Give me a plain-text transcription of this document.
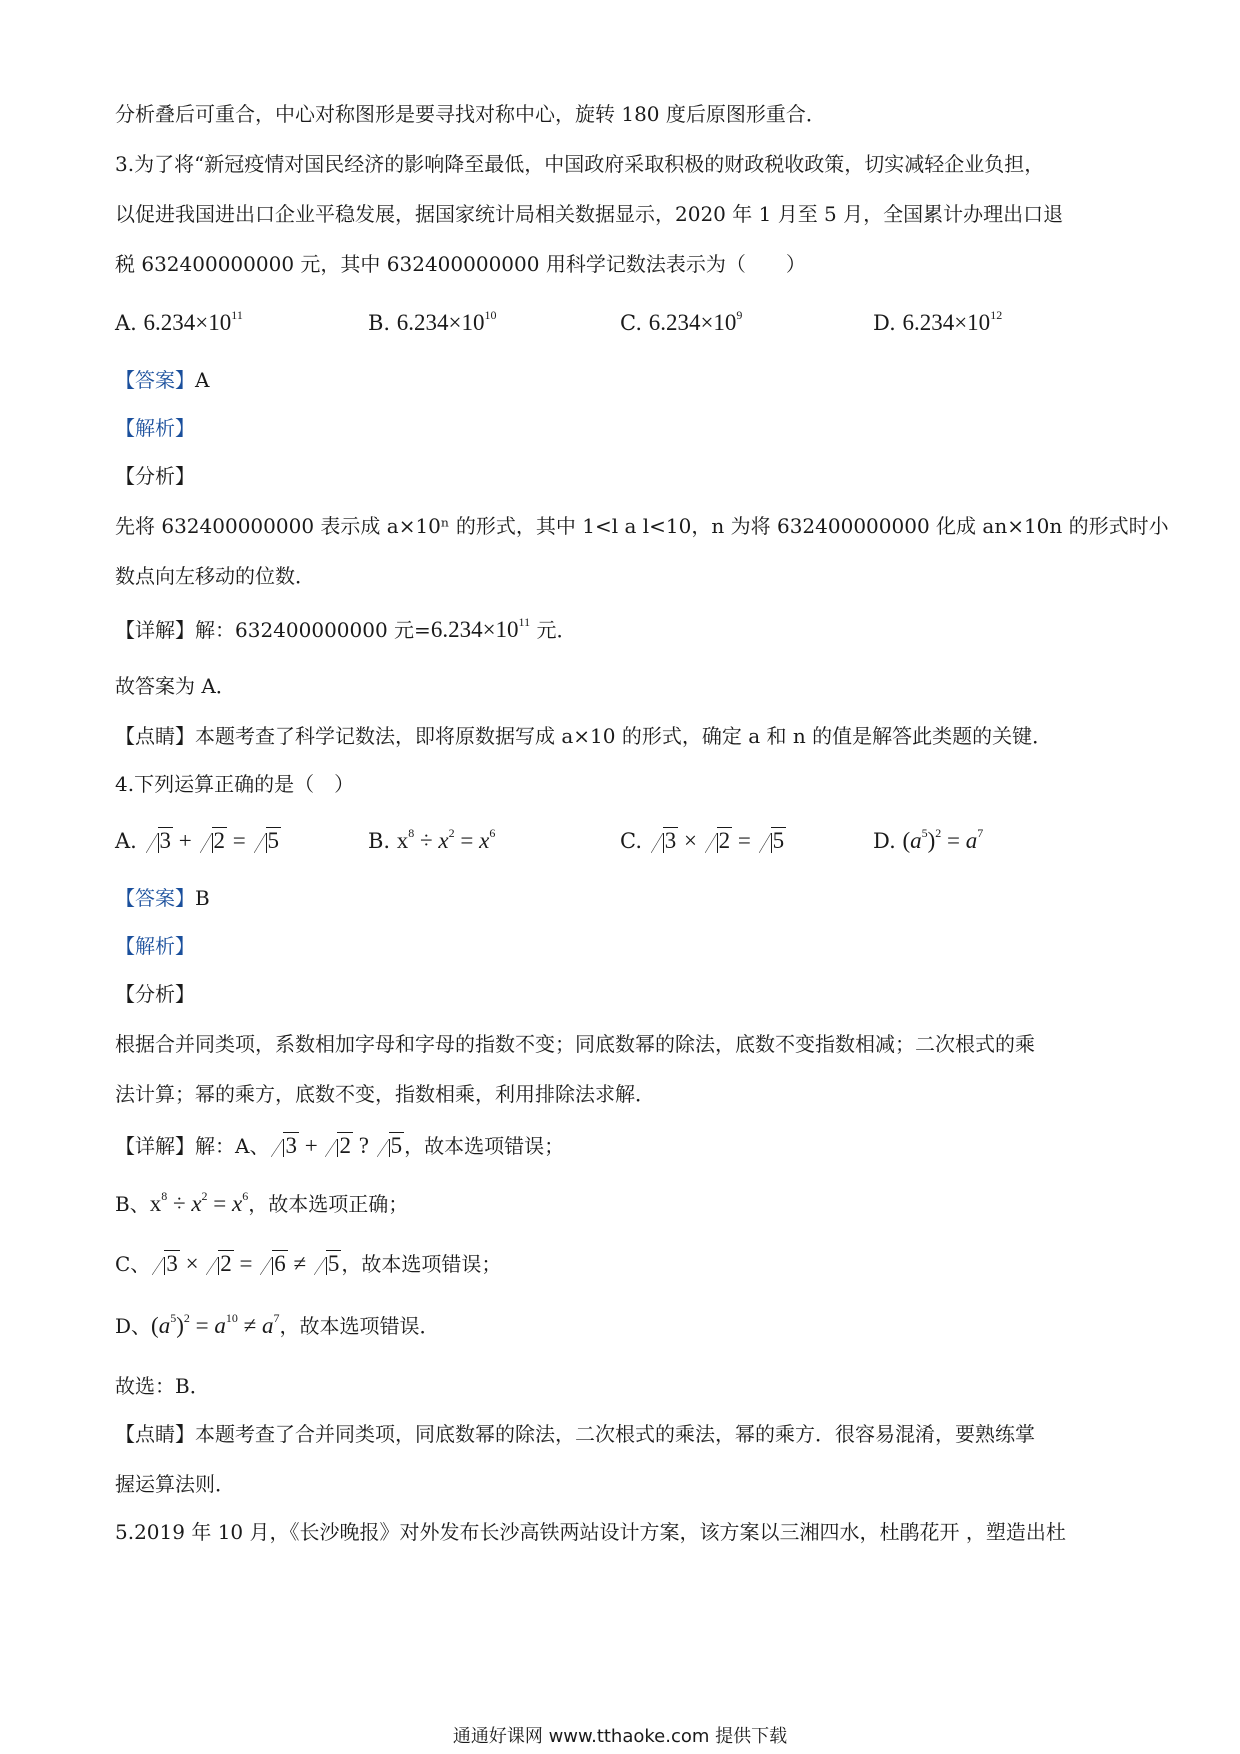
分析叠后可重合，中心对称图形是要寻找对称中心，旋转 180 度后原图形重合．
3.为了将“新冠疫情对国民经济的影响降至最低，中国政府采取积极的财政税收政策，切实减轻企业负担，
以促进我国进出口企业平稳发展，据国家统计局相关数据显示，2020 年 1 月至 5 月，全国累计办理出口退
税 632400000000 元，其中 632400000000 用科学记数法表示为（　　）
A. $6.234\times 10^{11}$	B. $6.234\times 10^{10}$	C. $6.234\times 10^9$	D. $6.234\times 10^{12}$
【答案】A
【解析】
【分析】
先将 632400000000 表示成 a×10ⁿ 的形式，其中 1<l a l<10，n 为将 632400000000 化成 an×10n 的形式时小
数点向左移动的位数．
【详解】解：632400000000 元$=6.234\times 10^{11}$ 元．
故答案为 A．
【点睛】本题考查了科学记数法，即将原数据写成 a×10 的形式，确定 a 和 n 的值是解答此类题的关键．
4.下列运算正确的是（　）
A. 3 + 2 = 5	B. $x^8 \div x^2 = x^6$	C. 3 × 2 = 5	D. $(a^5)^2 = a^7$
【答案】B
【解析】
【分析】
根据合并同类项，系数相加字母和字母的指数不变；同底数幂的除法，底数不变指数相减；二次根式的乘
法计算；幂的乘方，底数不变，指数相乘，利用排除法求解．
【详解】解：A、 3 + 2 ? 5 ，故本选项错误；
B、$x^8 \div x^2 = x^6$，故本选项正确；
C、 3 × 2 = 6 ≠ 5 ，故本选项错误；
D、$(a^5)^2 = a^{10} \ne a^7$，故本选项错误．
故选：B．
【点睛】本题考查了合并同类项，同底数幂的除法，二次根式的乘法，幂的乘方．很容易混淆，要熟练掌
握运算法则．
5.2019 年 10 月，《长沙晚报》对外发布长沙高铁两站设计方案，该方案以三湘四水，杜鹃花开 ，塑造出杜
通通好课网 www.tthaoke.com 提供下载
